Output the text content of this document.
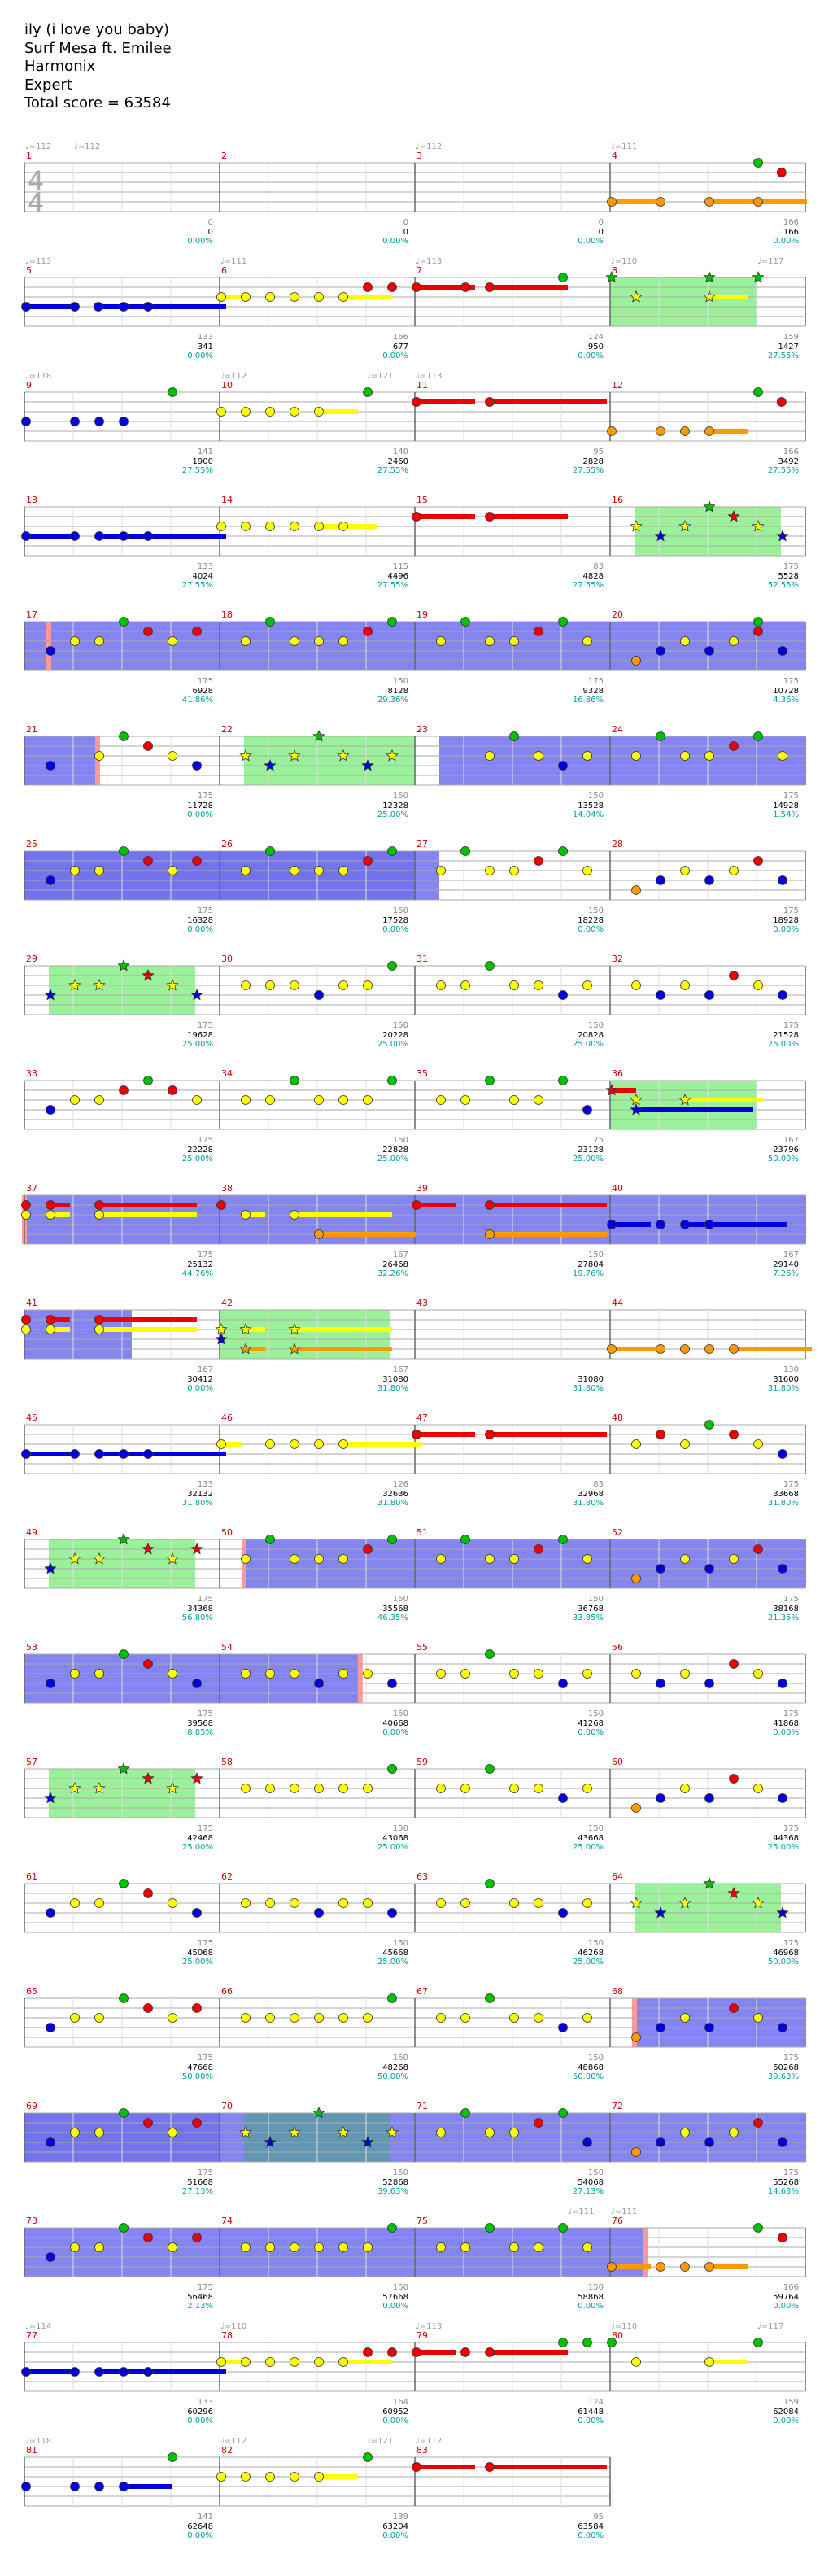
ily (i love you baby)
Surf Mesa ft. Emilee
Harmonix
Expert
Total score = 63584
1	2	3	4
5	6	7	8
9	10	11	12
13	14	15	16
17	18	19	20
21	22	23	24
25	26	27	28
29	30	31	32
33	34	35	36
37	38	39	40
41	42	43	44
45	46	47	48
49	50	51	52
53	54	55	56
57	58	59	60
61	62	63	64
65	66	67	68
69	70	71	72
73	74	75	76
77	78	79	80
81	82	83
0
0
0.00%
0
0
0.00%
0
0
0.00%
166
166
0.00%
133
341
0.00%
166
677
0.00%
124
950
0.00%
159
1427
27.55%
141
1900
27.55%
140
2460
27.55%
95
2828
27.55%
166
3492
27.55%
133
4024
27.55%
115
4496
27.55%
83
4828
27.55%
175
5528
52.55%
175
6928
41.86%
150
8128
29.36%
175
9328
16.86%
175
10728
4.36%
175
11728
0.00%
150
12328
25.00%
150
13528
14.04%
175
14928
1.54%
175
16328
0.00%
150
17528
0.00%
150
18228
0.00%
175
18928
0.00%
175
19628
25.00%
150
20228
25.00%
150
20828
25.00%
175
21528
25.00%
175
22228
25.00%
150
22828
25.00%
75
23128
25.00%
167
23796
50.00%
175
25132
44.76%
167
26468
32.26%
150
27804
19.76%
167
29140
7.26%
167
30412
0.00%
167
31080
31.80%
31080
31.80%
130
31600
31.80%
133
32132
31.80%
126
32636
31.80%
83
32968
31.80%
175
33668
31.80%
175
34368
56.80%
150
35568
46.35%
150
36768
33.85%
175
38168
21.35%
175
39568
8.85%
150
40668
0.00%
150
41268
0.00%
175
41868
0.00%
175
42468
25.00%
150
43068
25.00%
150
43668
25.00%
175
44368
25.00%
175
45068
25.00%
150
45668
25.00%
150
46268
25.00%
175
46968
50.00%
175
47668
50.00%
150
48268
50.00%
150
48868
50.00%
175
50268
39.63%
175
51668
27.13%
150
52868
39.63%
150
54068
27.13%
175
55268
14.63%
175
56468
2.13%
150
57668
0.00%
150
58868
0.00%
166
59764
0.00%
133
60296
0.00%
164
60952
0.00%
124
61448
0.00%
159
62084
0.00%
141
62648
0.00%
139
63204
0.00%
95
63584
0.00%
4
4
♩=112	♩=112	♩=112	♩=111
♩=113	♩=111	♩=113	♩=110	♩=117
♩=118	♩=112	♩=121	♩=113
♩=111 ♩=111
♩=114	♩=110	♩=113	♩=110	♩=117
♩=118	♩=112	♩=121	♩=112
